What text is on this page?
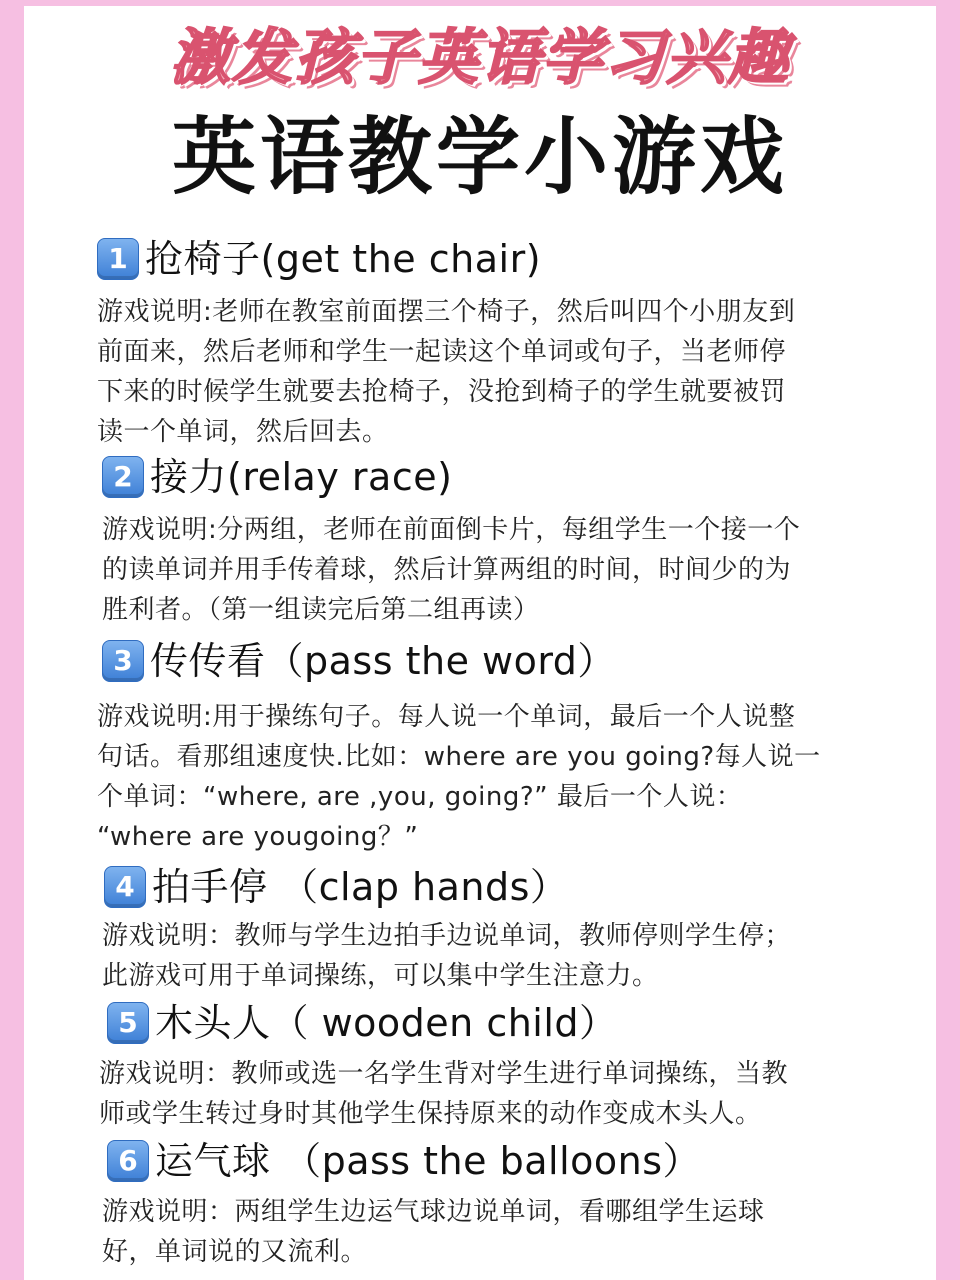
激发孩子英语学习兴趣
英语教学小游戏
1 抢椅子(get the chair)
游戏说明:老师在教室前面摆三个椅子，然后叫四个小朋友到
前面来，然后老师和学生一起读这个单词或句子，当老师停
下来的时候学生就要去抢椅子，没抢到椅子的学生就要被罚
读一个单词，然后回去。
2 接力(relay race)
游戏说明:分两组，老师在前面倒卡片，每组学生一个接一个
的读单词并用手传着球，然后计算两组的时间，时间少的为
胜利者。（第一组读完后第二组再读）
3 传传看（pass the word）
游戏说明:用于操练句子。每人说一个单词，最后一个人说整
句话。看那组速度快.比如：where are you going?每人说一
个单词：“where, are ,you, going?” 最后一个人说：
“where are yougoing？”
4 拍手停 （clap hands）
游戏说明：教师与学生边拍手边说单词，教师停则学生停；
此游戏可用于单词操练，可以集中学生注意力。
5 木头人（ wooden child）
游戏说明：教师或选一名学生背对学生进行单词操练，当教
师或学生转过身时其他学生保持原来的动作变成木头人。
6 运气球 （pass the balloons）
游戏说明：两组学生边运气球边说单词，看哪组学生运球
好，单词说的又流利。
